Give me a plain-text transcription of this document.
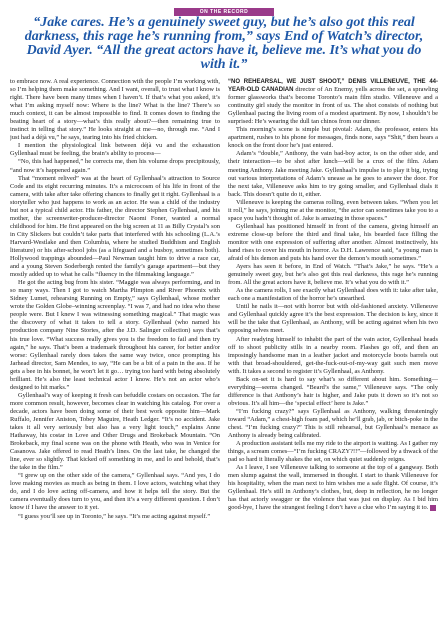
ON THE RECORD
“Jake cares. He’s a genuinely sweet guy, but he’s also got this real darkness, this rage he’s running from,” says End of Watch’s director, David Ayer. “All the great actors have it, believe me. It’s what you do with it.”

to embrace now. A real experience. Connection with the people I’m working with, so I’m helping them make something. And I want, overall, to trust what I know is right. There have been many times when I haven’t. If that’s what you asked, it’s what I’m asking myself now: Where is the line? What is the line? There’s so much context, it can be almost impossible to find. It comes down to finding the beating heart of a story—what’s this really about?—then remaining true to instinct in telling that story.” He looks straight at me—no, through me. “And I just had a déjà vu,” he says, tearing into his fried chicken.

I mention the physiological link between déjà vu and the exhaustion Gyllenhaal must be feeling, the brain’s ability to process—

“No, this had happened,” he corrects me, then his volume drops precipitously, “and now it’s happened again.”

That “moment relived” was at the heart of Gyllenhaal’s attraction to Source Code and its eight recurring minutes. It’s a microcosm of his life in front of the camera, with take after take offering chances to finally get it right. Gyllenhaal is a storyteller who just happens to work as an actor. He was a child of the industry but not a typical child actor. His father, the director Stephen Gyllenhaal, and his mother, the screenwriter-producer-director Naomi Foner, wanted a normal childhood for him. He first appeared on the big screen at 11 as Billy Crystal’s son in City Slickers but couldn’t take parts that interfered with his schooling (L.A.’s Harvard-Westlake and then Columbia, where he studied Buddhism and English literature) or his after-school jobs (as a lifeguard and a busboy, sometimes both). Hollywood trappings abounded—Paul Newman taught him to drive a race car, and a young Steven Soderbergh rented the family’s garage apartment—but they mostly added up to what he calls “fluency in the filmmaking language.”

He got the acting bug from his sister. “Maggie was always performing, and in so many ways. Then I got to watch Martha Plimpton and River Phoenix with Sidney Lumet, rehearsing Running on Empty,” says Gyllenhaal, whose mother wrote the Golden Globe–winning screenplay. “I was 7, and had no idea who these people were. But I knew I was witnessing something magical.” That magic was the discovery of what it takes to tell a story. Gyllenhaal (who named his production company Nine Stories, after the J.D. Salinger collection) says that’s his true love. “What success really gives you is the freedom to fail and then try again,” he says. That’s been a trademark throughout his career, for better and/or worse: Gyllenhaal rarely does takes the same way twice, once prompting his Jarhead director, Sam Mendes, to say, “He can be a bit of a pain in the ass. If he gets a bee in his bonnet, he won’t let it go… trying too hard with being absolutely brilliant. He’s also the least technical actor I know. He’s not an actor who’s designed to hit marks.”

Gyllenhaal’s way of keeping it fresh can befuddle costars on occasion. The far more common result, however, becomes clear in watching his catalog. For over a decade, actors have been doing some of their best work opposite him—Mark Ruffalo, Jennifer Aniston, Tobey Maguire, Heath Ledger. “It’s no accident. Jake takes it all very seriously but also has a very light touch,” explains Anne Hathaway, his costar in Love and Other Drugs and Brokeback Mountain. “On Brokeback, my final scene was on the phone with Heath, who was in Venice for Casanova. Jake offered to read Heath’s lines. On the last take, he changed the line, ever so slightly. That kicked off something in me, and lo and behold, that’s the take in the film.”

“I grew up on the other side of the camera,” Gyllenhaal says. “And yes, I do love making movies as much as being in them. I love actors, watching what they do, and I do love acting off-camera, and how it helps tell the story. But the camera eventually does turn to you, and then it’s a very different question. I don’t know if I have the answer to it yet.

“I guess you’ll see up in Toronto,” he says. “It’s me acting against myself.”

“NO REHEARSAL, WE JUST SHOOT,” DENIS VILLENEUVE, THE 44-YEAR-OLD CANADIAN director of An Enemy, yells across the set, a sprawling former glassworks that’s become Toronto’s main film studio. Villeneuve and a continuity girl study the monitor in front of us. The shot consists of nothing but Gyllenhaal pacing the living room of a modest apartment. By now, I shouldn’t be surprised: He’s wearing the dull tan chinos from our dinner.

This morning’s scene is simple but pivotal: Adam, the professor, enters his apartment, rushes to his phone for messages, finds none, says “Shit,” then hears a knock on the front door he’s just entered.

Adam’s “double,” Anthony, the vain bad-boy actor, is on the other side, and their interaction—to be shot after lunch—will be a crux of the film. Adam meeting Anthony. Jake meeting Jake. Gyllenhaal’s impulse is to play it big, trying out various interpretations of Adam’s unease as he goes to answer the door. For the next take, Villeneuve asks him to try going smaller, and Gyllenhaal dials it back. This doesn’t quite do it, either.

Villeneuve is keeping the cameras rolling, even between takes. “When you let it roll,” he says, joining me at the monitor, “the actor can sometimes take you to a space you hadn’t thought of. Jake is amazing in those spaces.”

Gyllenhaal has positioned himself in front of the camera, giving himself an extreme close-up before the third and final take, his bearded face filling the monitor with one expression of suffering after another. Almost instinctively, his hand rises to cover his mouth in horror. As D.H. Lawrence said, “a young man is afraid of his demon and puts his hand over the demon’s mouth sometimes.”

Ayers has seen it before, in End of Watch. “That’s Jake,” he says. “He’s a genuinely sweet guy, but he’s also got this real darkness, this rage he’s running from. All the great actors have it, believe me. It’s what you do with it.”

As the camera rolls, I see exactly what Gyllenhaal does with it: take after take, each one a manifestation of the horror he’s unearthed.

Until he nails it—not with horror but with old-fashioned anxiety. Villeneuve and Gyllenhaal quickly agree it’s the best expression. The decision is key, since it will be the take that Gyllenhaal, as Anthony, will be acting against when his two opposing selves meet.

After readying himself to inhabit the part of the vain actor, Gyllenhaal heads off to shoot publicity stills in a nearby room. Flashes go off, and then an imposingly handsome man in a leather jacket and motorcycle boots barrels out with that broad-shouldered, get-the-fuck-out-of-my-way gait such men move with. It takes a second to register it’s Gyllenhaal, as Anthony.

Back on-set it is hard to say what’s so different about him. Something—everything—seems changed. “Beard’s the same,” Villeneuve says. “The only difference is that Anthony’s hair is higher, and Jake puts it down so it’s not so obvious. It’s all him—the ‘special effect’ here is Jake.”

“I’m fucking crazy?” says Gyllenhaal as Anthony, walking threateningly toward “Adam,” a chest-high foam pad, which he’ll grab, jab, or bitch-poke in the chest. “I’m fucking crazy?” This is still rehearsal, but Gyllenhaal’s menace as Anthony is already being calibrated.

A production assistant tells me my ride to the airport is waiting. As I gather my things, a scream comes—“I’m fucking CRAZY?!!”—followed by a thwack of the pad so hard it literally shakes the set, on which quiet suddenly reigns.

As I leave, I see Villeneuve talking to someone at the top of a gangway. Both men slump against the wall, immersed in thought. I start to thank Villeneuve for his hospitality, when the man next to him wishes me a safe flight. Of course, it’s Gyllenhaal. He’s still in Anthony’s clothes, but, deep in reflection, he no longer has that actorly swagger or the violence that was just on display. As I bid him good-bye, I have the strangest feeling I don’t have a clue who I’m saying it to.
